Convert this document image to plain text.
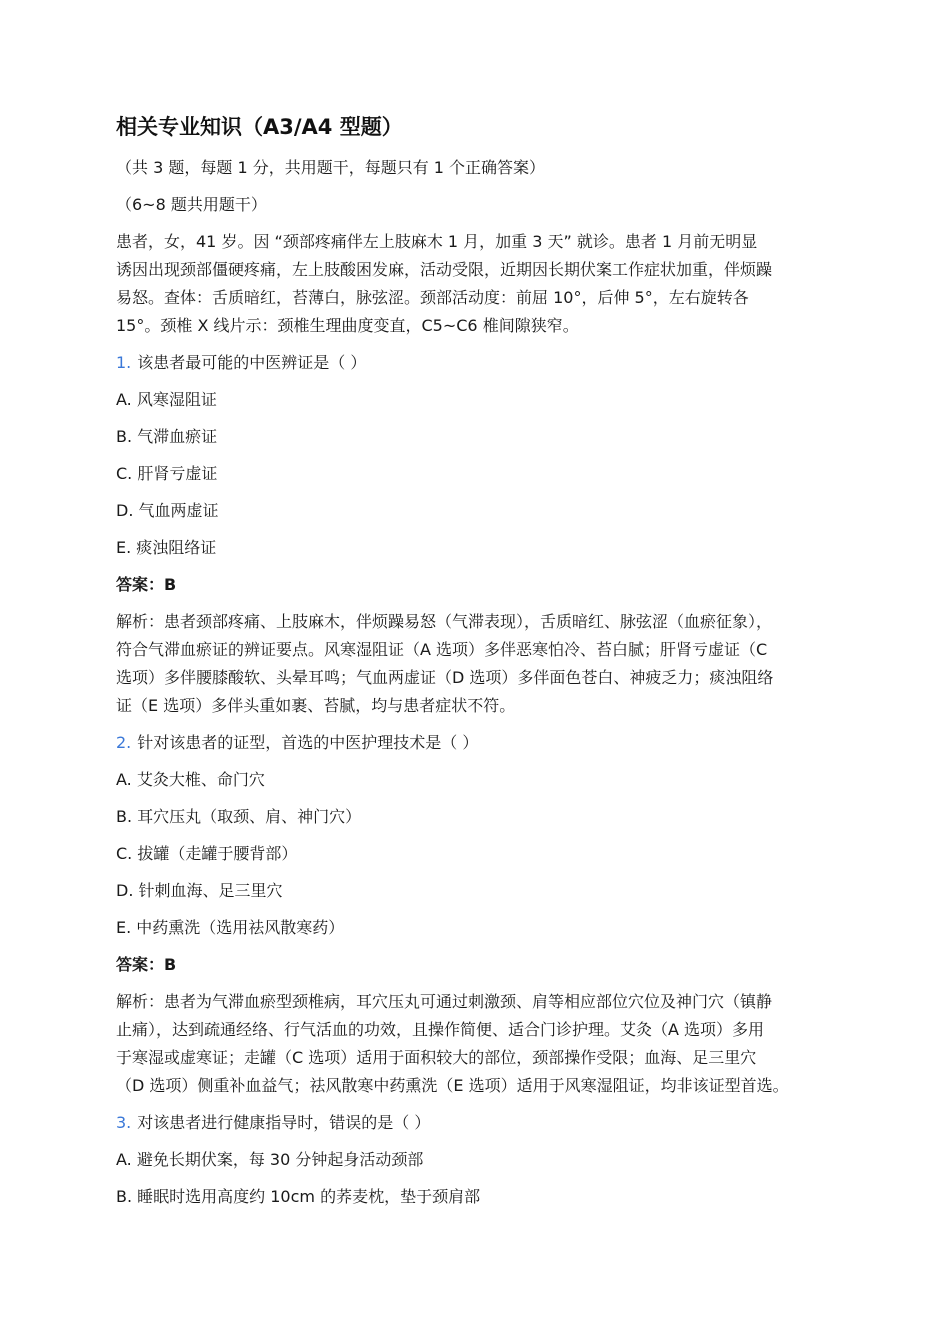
相关专业知识（A3/A4 型题）
（共 3 题，每题 1 分，共用题干，每题只有 1 个正确答案）
（6~8 题共用题干）
患者，女，41 岁。因 “颈部疼痛伴左上肢麻木 1 月，加重 3 天” 就诊。患者 1 月前无明显
诱因出现颈部僵硬疼痛，左上肢酸困发麻，活动受限，近期因长期伏案工作症状加重，伴烦躁
易怒。查体：舌质暗红，苔薄白，脉弦涩。颈部活动度：前屈 10°，后伸 5°，左右旋转各
15°。颈椎 X 线片示：颈椎生理曲度变直，C5~C6 椎间隙狭窄。
1. 该患者最可能的中医辨证是（ ）
A. 风寒湿阻证
B. 气滞血瘀证
C. 肝肾亏虚证
D. 气血两虚证
E. 痰浊阻络证
答案：B
解析：患者颈部疼痛、上肢麻木，伴烦躁易怒（气滞表现），舌质暗红、脉弦涩（血瘀征象），
符合气滞血瘀证的辨证要点。风寒湿阻证（A 选项）多伴恶寒怕冷、苔白腻；肝肾亏虚证（C
选项）多伴腰膝酸软、头晕耳鸣；气血两虚证（D 选项）多伴面色苍白、神疲乏力；痰浊阻络
证（E 选项）多伴头重如裹、苔腻，均与患者症状不符。
2. 针对该患者的证型，首选的中医护理技术是（ ）
A. 艾灸大椎、命门穴
B. 耳穴压丸（取颈、肩、神门穴）
C. 拔罐（走罐于腰背部）
D. 针刺血海、足三里穴
E. 中药熏洗（选用祛风散寒药）
答案：B
解析：患者为气滞血瘀型颈椎病，耳穴压丸可通过刺激颈、肩等相应部位穴位及神门穴（镇静
止痛），达到疏通经络、行气活血的功效，且操作简便、适合门诊护理。艾灸（A 选项）多用
于寒湿或虚寒证；走罐（C 选项）适用于面积较大的部位，颈部操作受限；血海、足三里穴
（D 选项）侧重补血益气；祛风散寒中药熏洗（E 选项）适用于风寒湿阻证，均非该证型首选。
3. 对该患者进行健康指导时，错误的是（ ）
A. 避免长期伏案，每 30 分钟起身活动颈部
B. 睡眠时选用高度约 10cm 的荞麦枕，垫于颈肩部
